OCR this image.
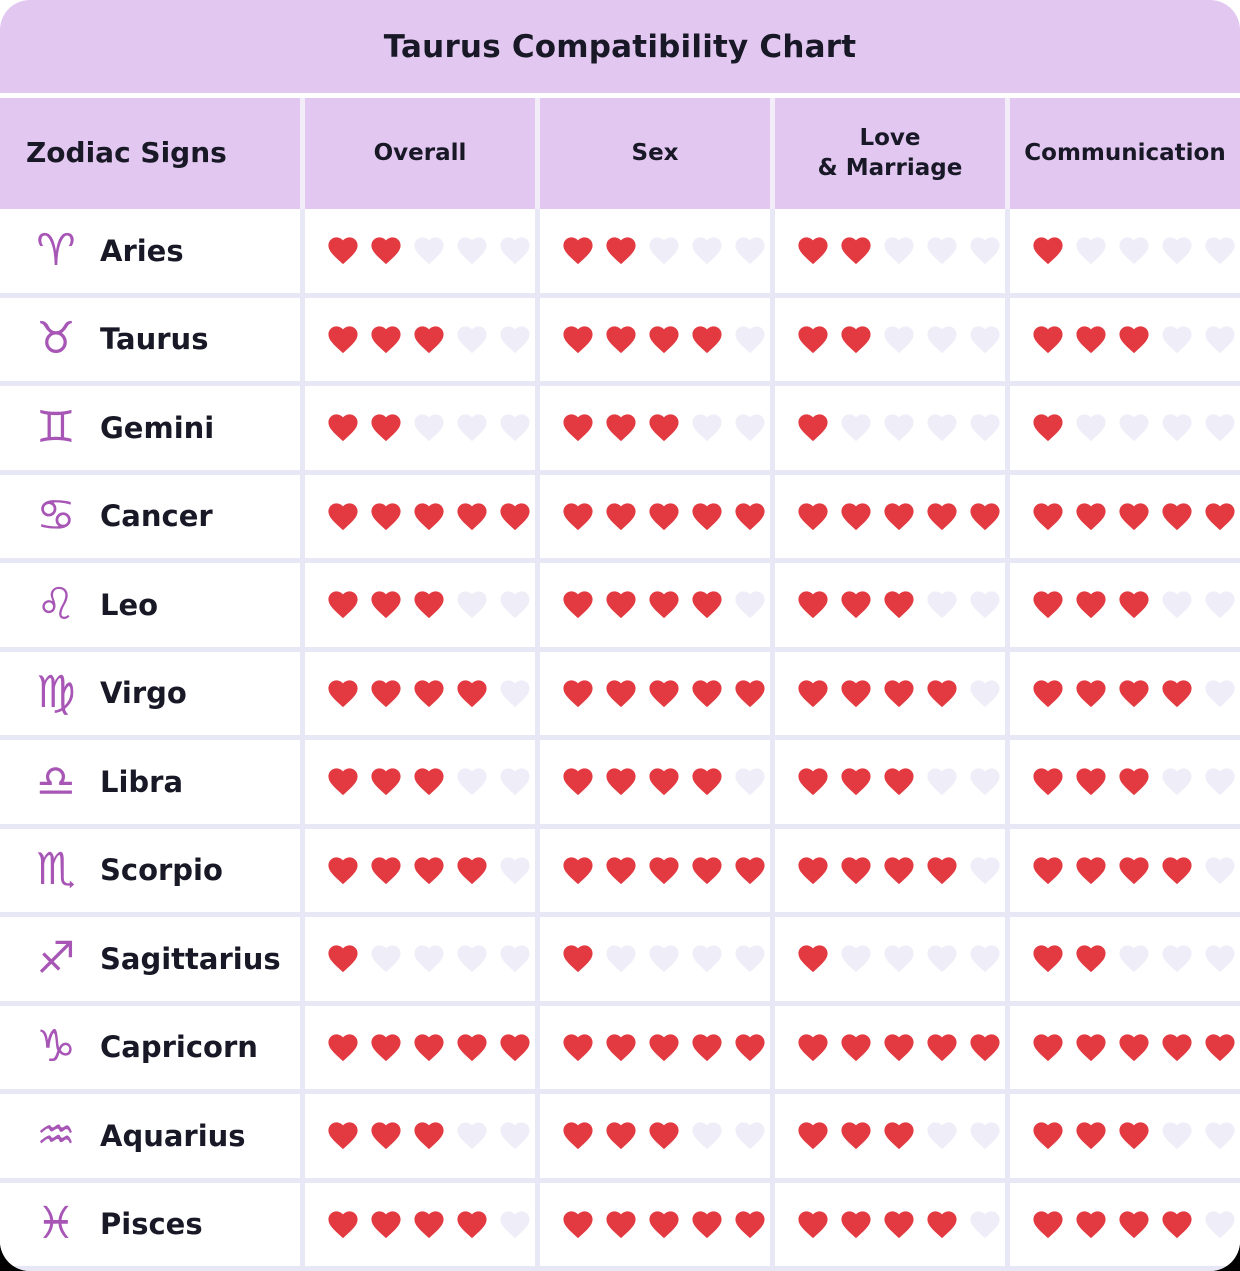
Taurus Compatibility Chart
Zodiac Signs	Overall	Sex
Love
& Marriage
Communication
♈ Aries
♉ Taurus
♊ Gemini
♋ Cancer
♌ Leo
♍ Virgo
♎ Libra
♏ Scorpio
♐ Sagittarius
♑ Capricorn
♒ Aquarius
♓ Pisces
